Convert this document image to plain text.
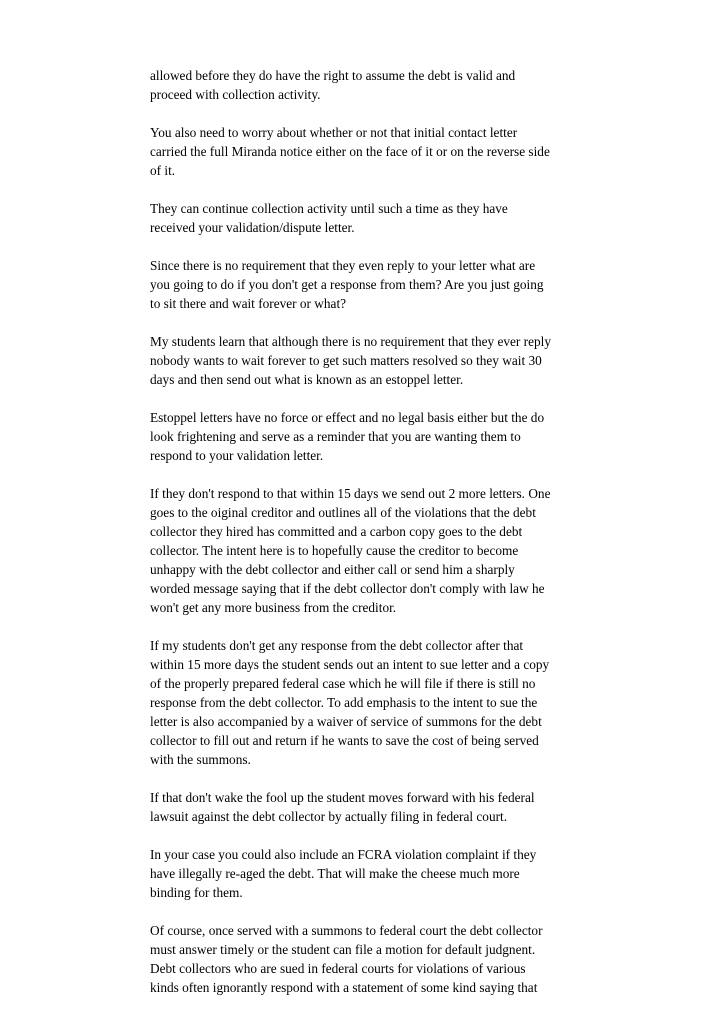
allowed before they do have the right to assume the debt is valid and
proceed with collection activity.

You also need to worry about whether or not that initial contact letter
carried the full Miranda notice either on the face of it or on the reverse side
of it.

They can continue collection activity until such a time as they have
received your validation/dispute letter.

Since there is no requirement that they even reply to your letter what are
you going to do if you don't get a response from them? Are you just going
to sit there and wait forever or what?

My students learn that although there is no requirement that they ever reply
nobody wants to wait forever to get such matters resolved so they wait 30
days and then send out what is known as an estoppel letter.

Estoppel letters have no force or effect and no legal basis either but the do
look frightening and serve as a reminder that you are wanting them to
respond to your validation letter.

If they don't respond to that within 15 days we send out 2 more letters. One
goes to the oiginal creditor and outlines all of the violations that the debt
collector they hired has committed and a carbon copy goes to the debt
collector. The intent here is to hopefully cause the creditor to become
unhappy with the debt collector and either call or send him a sharply
worded message saying that if the debt collector don't comply with law he
won't get any more business from the creditor.

If my students don't get any response from the debt collector after that
within 15 more days the student sends out an intent to sue letter and a copy
of the properly prepared federal case which he will file if there is still no
response from the debt collector. To add emphasis to the intent to sue the
letter is also accompanied by a waiver of service of summons for the debt
collector to fill out and return if he wants to save the cost of being served
with the summons.

If that don't wake the fool up the student moves forward with his federal
lawsuit against the debt collector by actually filing in federal court.

In your case you could also include an FCRA violation complaint if they
have illegally re-aged the debt. That will make the cheese much more
binding for them.

Of course, once served with a summons to federal court the debt collector
must answer timely or the student can file a motion for default judgnent.
Debt collectors who are sued in federal courts for violations of various
kinds often ignorantly respond with a statement of some kind saying that
